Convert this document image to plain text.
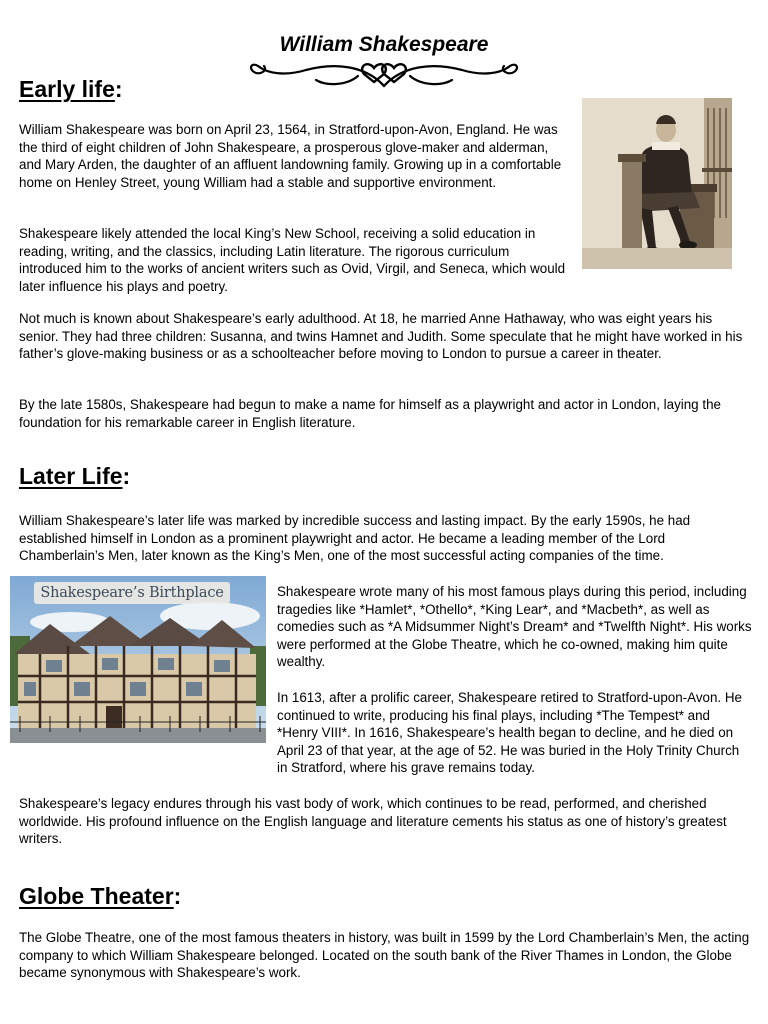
William Shakespeare
Early life:

William Shakespeare was born on April 23, 1564, in Stratford-upon-Avon, England. He was the third of eight children of John Shakespeare, a prosperous glove-maker and alderman, and Mary Arden, the daughter of an affluent landowning family. Growing up in a comfortable home on Henley Street, young William had a stable and supportive environment.

Shakespeare likely attended the local King’s New School, receiving a solid education in reading, writing, and the classics, including Latin literature. The rigorous curriculum introduced him to the works of ancient writers such as Ovid, Virgil, and Seneca, which would later influence his plays and poetry.

Not much is known about Shakespeare’s early adulthood. At 18, he married Anne Hathaway, who was eight years his senior. They had three children: Susanna, and twins Hamnet and Judith. Some speculate that he might have worked in his father’s glove-making business or as a schoolteacher before moving to London to pursue a career in theater.

By the late 1580s, Shakespeare had begun to make a name for himself as a playwright and actor in London, laying the foundation for his remarkable career in English literature.

Later Life:

William Shakespeare’s later life was marked by incredible success and lasting impact. By the early 1590s, he had established himself in London as a prominent playwright and actor. He became a leading member of the Lord Chamberlain’s Men, later known as the King’s Men, one of the most successful acting companies of the time.

Shakespeare’s Birthplace	Shakespeare wrote many of his most famous plays during this period, including tragedies like *Hamlet*, *Othello*, *King Lear*, and *Macbeth*, as well as comedies such as *A Midsummer Night’s Dream* and *Twelfth Night*. His works were performed at the Globe Theatre, which he co-owned, making him quite wealthy.

In 1613, after a prolific career, Shakespeare retired to Stratford-upon-Avon. He continued to write, producing his final plays, including *The Tempest* and *Henry VIII*. In 1616, Shakespeare’s health began to decline, and he died on April 23 of that year, at the age of 52. He was buried in the Holy Trinity Church in Stratford, where his grave remains today.

Shakespeare’s legacy endures through his vast body of work, which continues to be read, performed, and cherished worldwide. His profound influence on the English language and literature cements his status as one of history’s greatest writers.

Globe Theater:

The Globe Theatre, one of the most famous theaters in history, was built in 1599 by the Lord Chamberlain’s Men, the acting company to which William Shakespeare belonged. Located on the south bank of the River Thames in London, the Globe became synonymous with Shakespeare’s work.
